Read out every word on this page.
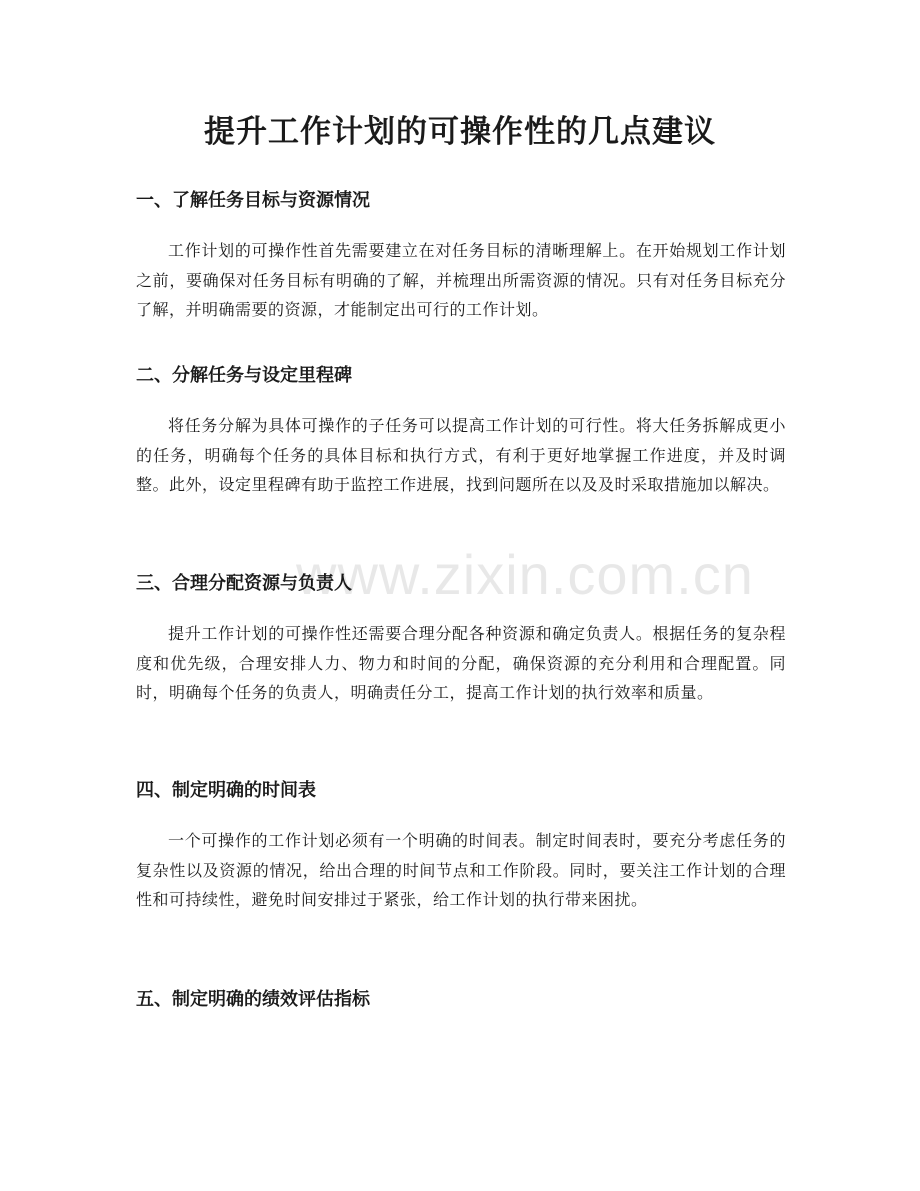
提升工作计划的可操作性的几点建议
一、了解任务目标与资源情况

工作计划的可操作性首先需要建立在对任务目标的清晰理解上。在开始规划工作计划之前，要确保对任务目标有明确的了解，并梳理出所需资源的情况。只有对任务目标充分了解，并明确需要的资源，才能制定出可行的工作计划。

二、分解任务与设定里程碑

将任务分解为具体可操作的子任务可以提高工作计划的可行性。将大任务拆解成更小的任务，明确每个任务的具体目标和执行方式，有利于更好地掌握工作进度，并及时调整。此外，设定里程碑有助于监控工作进展，找到问题所在以及及时采取措施加以解决。

三、合理分配资源与负责人

提升工作计划的可操作性还需要合理分配各种资源和确定负责人。根据任务的复杂程度和优先级，合理安排人力、物力和时间的分配，确保资源的充分利用和合理配置。同时，明确每个任务的负责人，明确责任分工，提高工作计划的执行效率和质量。

四、制定明确的时间表

一个可操作的工作计划必须有一个明确的时间表。制定时间表时，要充分考虑任务的复杂性以及资源的情况，给出合理的时间节点和工作阶段。同时，要关注工作计划的合理性和可持续性，避免时间安排过于紧张，给工作计划的执行带来困扰。

五、制定明确的绩效评估指标
www.zixin.com.cn
